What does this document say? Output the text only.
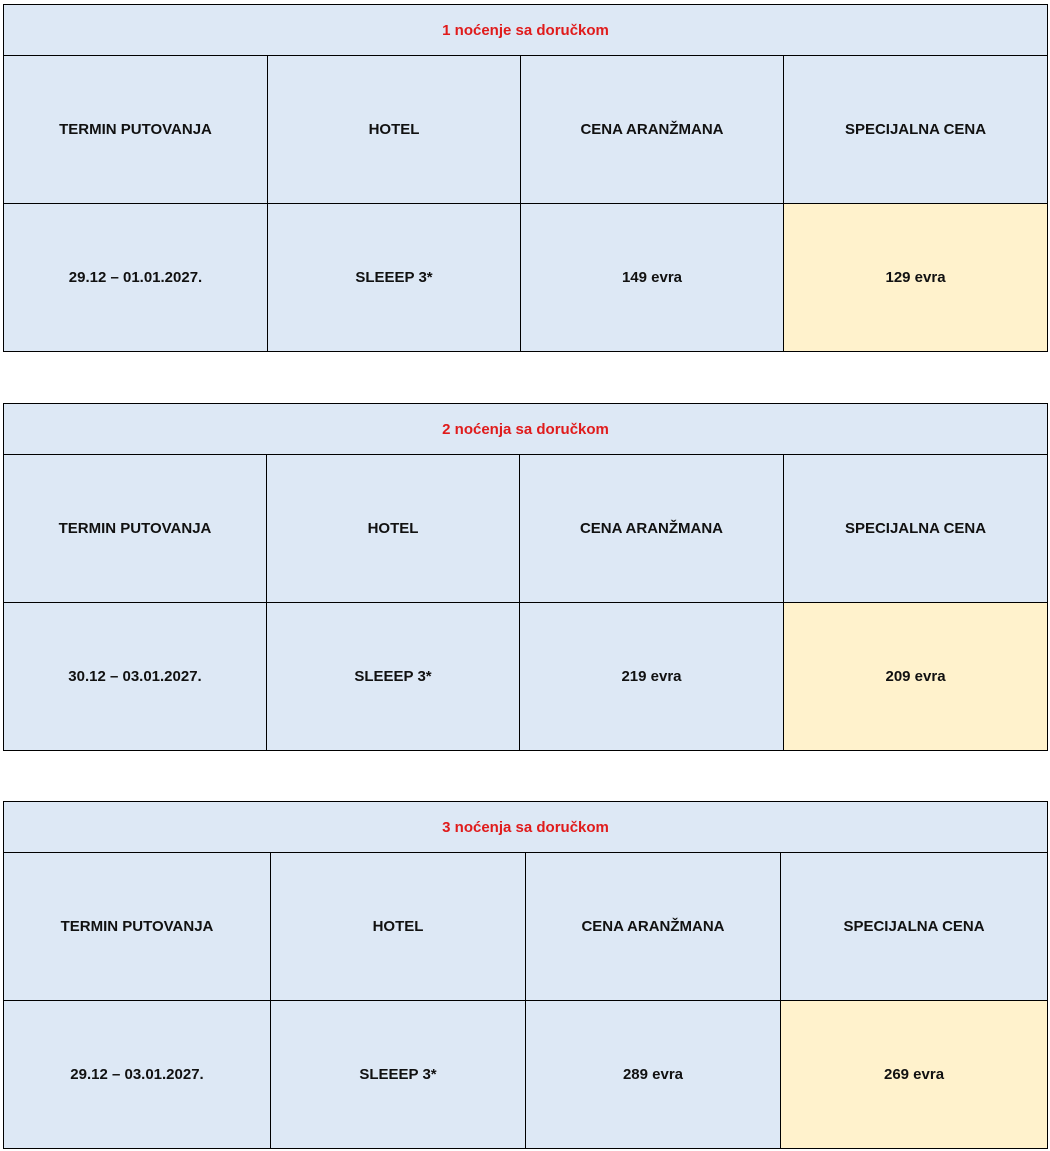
1 noćenje sa doručkom			
TERMIN PUTOVANJA	HOTEL	CENA ARANŽMANA	SPECIJALNA CENA
29.12 – 01.01.2027.	SLEEEP 3*	149 evra	129 evra
2 noćenja sa doručkom			
TERMIN PUTOVANJA	HOTEL	CENA ARANŽMANA	SPECIJALNA CENA
30.12 – 03.01.2027.	SLEEEP 3*	219 evra	209 evra
3 noćenja sa doručkom			
TERMIN PUTOVANJA	HOTEL	CENA ARANŽMANA	SPECIJALNA CENA
29.12 – 03.01.2027.	SLEEEP 3*	289 evra	269 evra
